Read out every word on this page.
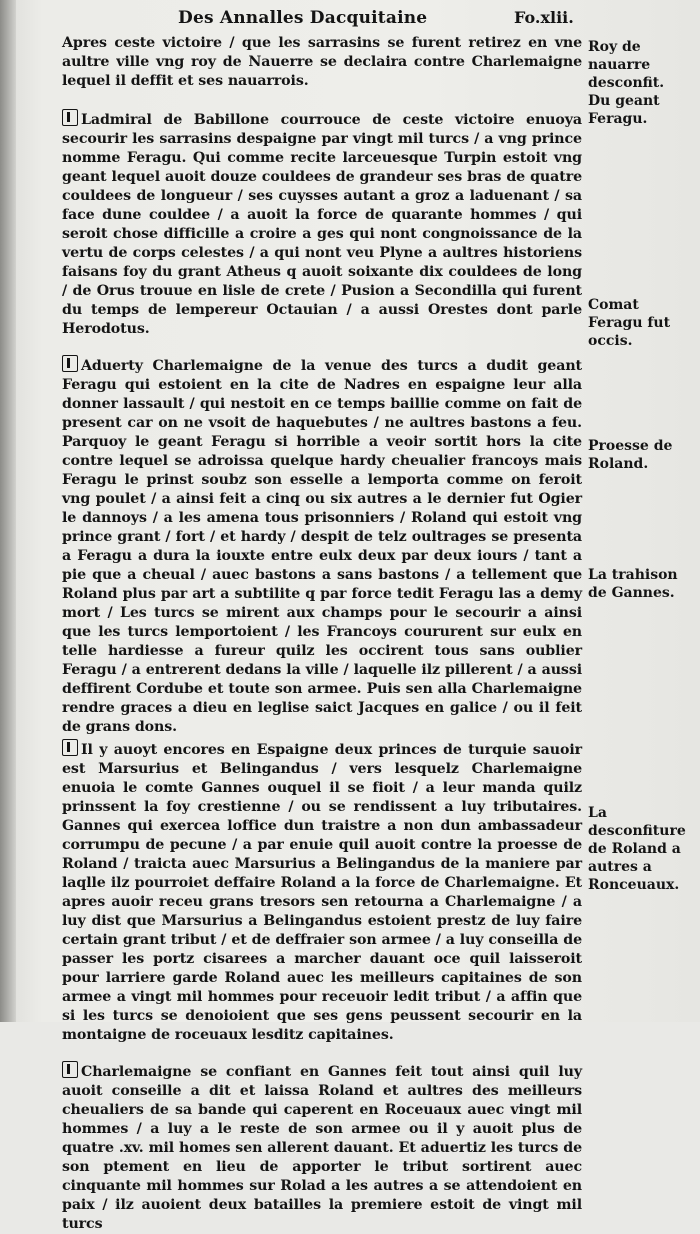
Des Annalles Dacquitaine	Fo.xlii.

Apres ceste victoire / que les sarrasins se furent retirez en vne aultre ville vng roy de Nauerre se declaira contre Charlemaigne lequel il deffit et ses nauarrois.

Ladmiral de Babillone courrouce de ceste victoire enuoya secourir les sarrasins despaigne par vingt mil turcs / a vng prince nomme Feragu. Qui comme recite larceuesque Turpin estoit vng geant lequel auoit douze couldees de grandeur ses bras de quatre couldees de longueur / ses cuysses autant a groz a laduenant / sa face dune couldee / a auoit la force de quarante hommes / qui seroit chose difficille a croire a ges qui nont congnoissance de la vertu de corps celestes / a qui nont veu Plyne a aultres historiens faisans foy du grant Atheus q auoit soixante dix couldees de long / de Orus trouue en lisle de crete / Pusion a Secondilla qui furent du temps de lempereur Octauian / a aussi Orestes dont parle Herodotus.

Aduerty Charlemaigne de la venue des turcs a dudit geant Feragu qui estoient en la cite de Nadres en espaigne leur alla donner lassault / qui nestoit en ce temps baillie comme on fait de present car on ne vsoit de haquebutes / ne aultres bastons a feu. Parquoy le geant Feragu si horrible a veoir sortit hors la cite contre lequel se adroissa quelque hardy cheualier francoys mais Feragu le prinst soubz son esselle a lemporta comme on feroit vng poulet / a ainsi feit a cinq ou six autres a le dernier fut Ogier le dannoys / a les amena tous prisonniers / Roland qui estoit vng prince grant / fort / et hardy / despit de telz oultrages se presenta a Feragu a dura la iouxte entre eulx deux par deux iours / tant a pie que a cheual / auec bastons a sans bastons / a tellement que Roland plus par art a subtilite q par force tedit Feragu las a demy mort / Les turcs se mirent aux champs pour le secourir a ainsi que les turcs lemportoient / les Francoys coururent sur eulx en telle hardiesse a fureur quilz les occirent tous sans oublier Feragu / a entrerent dedans la ville / laquelle ilz pillerent / a aussi deffirent Cordube et toute son armee. Puis sen alla Charlemaigne rendre graces a dieu en leglise saict Jacques en galice / ou il feit de grans dons.

Il y auoyt encores en Espaigne deux princes de turquie sauoir est Marsurius et Belingandus / vers lesquelz Charlemaigne enuoia le comte Gannes ouquel il se fioit / a leur manda quilz prinssent la foy crestienne / ou se rendissent a luy tributaires. Gannes qui exercea loffice dun traistre a non dun ambassadeur corrumpu de pecune / a par enuie quil auoit contre la proesse de Roland / traicta auec Marsurius a Belingandus de la maniere par laqlle ilz pourroiet deffaire Roland a la force de Charlemaigne. Et apres auoir receu grans tresors sen retourna a Charlemaigne / a luy dist que Marsurius a Belingandus estoient prestz de luy faire certain grant tribut / et de deffraier son armee / a luy conseilla de passer les portz cisarees a marcher dauant oce quil laisseroit pour larriere garde Roland auec les meilleurs capitaines de son armee a vingt mil hommes pour receuoir ledit tribut / a affin que si les turcs se denoioient que ses gens peussent secourir en la montaigne de roceuaux lesditz capitaines.

Charlemaigne se confiant en Gannes feit tout ainsi quil luy auoit conseille a dit et laissa Roland et aultres des meilleurs cheualiers de sa bande qui caperent en Roceuaux auec vingt mil hommes / a luy a le reste de son armee ou il y auoit plus de quatre .xv. mil homes sen allerent dauant. Et aduertiz les turcs de son ptement en lieu de apporter le tribut sortirent auec cinquante mil hommes sur Rolad a les autres a se attendoient en paix / ilz auoient deux batailles la premiere estoit de vingt mil turcs

Roy de nauarre desconfit.
Du geant Feragu.
Comat Feragu fut occis.
Proesse de Roland.
La trahison de Gannes.
La desconfiture de Roland a autres a Ronceuaux.
